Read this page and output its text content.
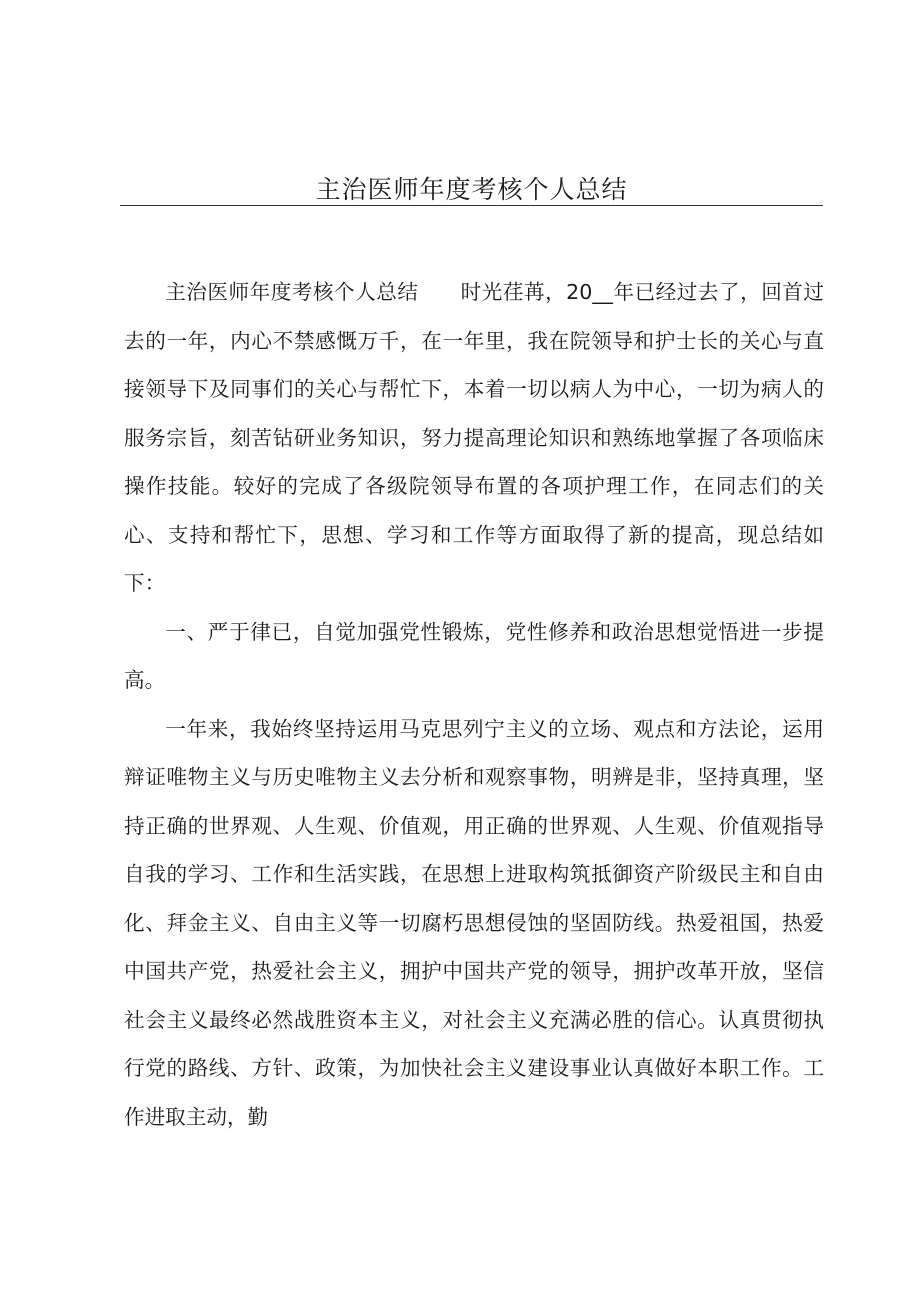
主治医师年度考核个人总结

主治医师年度考核个人总结　　时光荏苒，20__年已经过去了，回首过去的一年，内心不禁感慨万千，在一年里，我在院领导和护士长的关心与直接领导下及同事们的关心与帮忙下，本着一切以病人为中心，一切为病人的服务宗旨，刻苦钻研业务知识，努力提高理论知识和熟练地掌握了各项临床操作技能。较好的完成了各级院领导布置的各项护理工作，在同志们的关心、支持和帮忙下，思想、学习和工作等方面取得了新的提高，现总结如下：

一、严于律已，自觉加强党性锻炼，党性修养和政治思想觉悟进一步提高。

一年来，我始终坚持运用马克思列宁主义的立场、观点和方法论，运用辩证唯物主义与历史唯物主义去分析和观察事物，明辨是非，坚持真理，坚持正确的世界观、人生观、价值观，用正确的世界观、人生观、价值观指导自我的学习、工作和生活实践，在思想上进取构筑抵御资产阶级民主和自由化、拜金主义、自由主义等一切腐朽思想侵蚀的坚固防线。热爱祖国，热爱中国共产党，热爱社会主义，拥护中国共产党的领导，拥护改革开放，坚信社会主义最终必然战胜资本主义，对社会主义充满必胜的信心。认真贯彻执行党的路线、方针、政策，为加快社会主义建设事业认真做好本职工作。工作进取主动，勤
